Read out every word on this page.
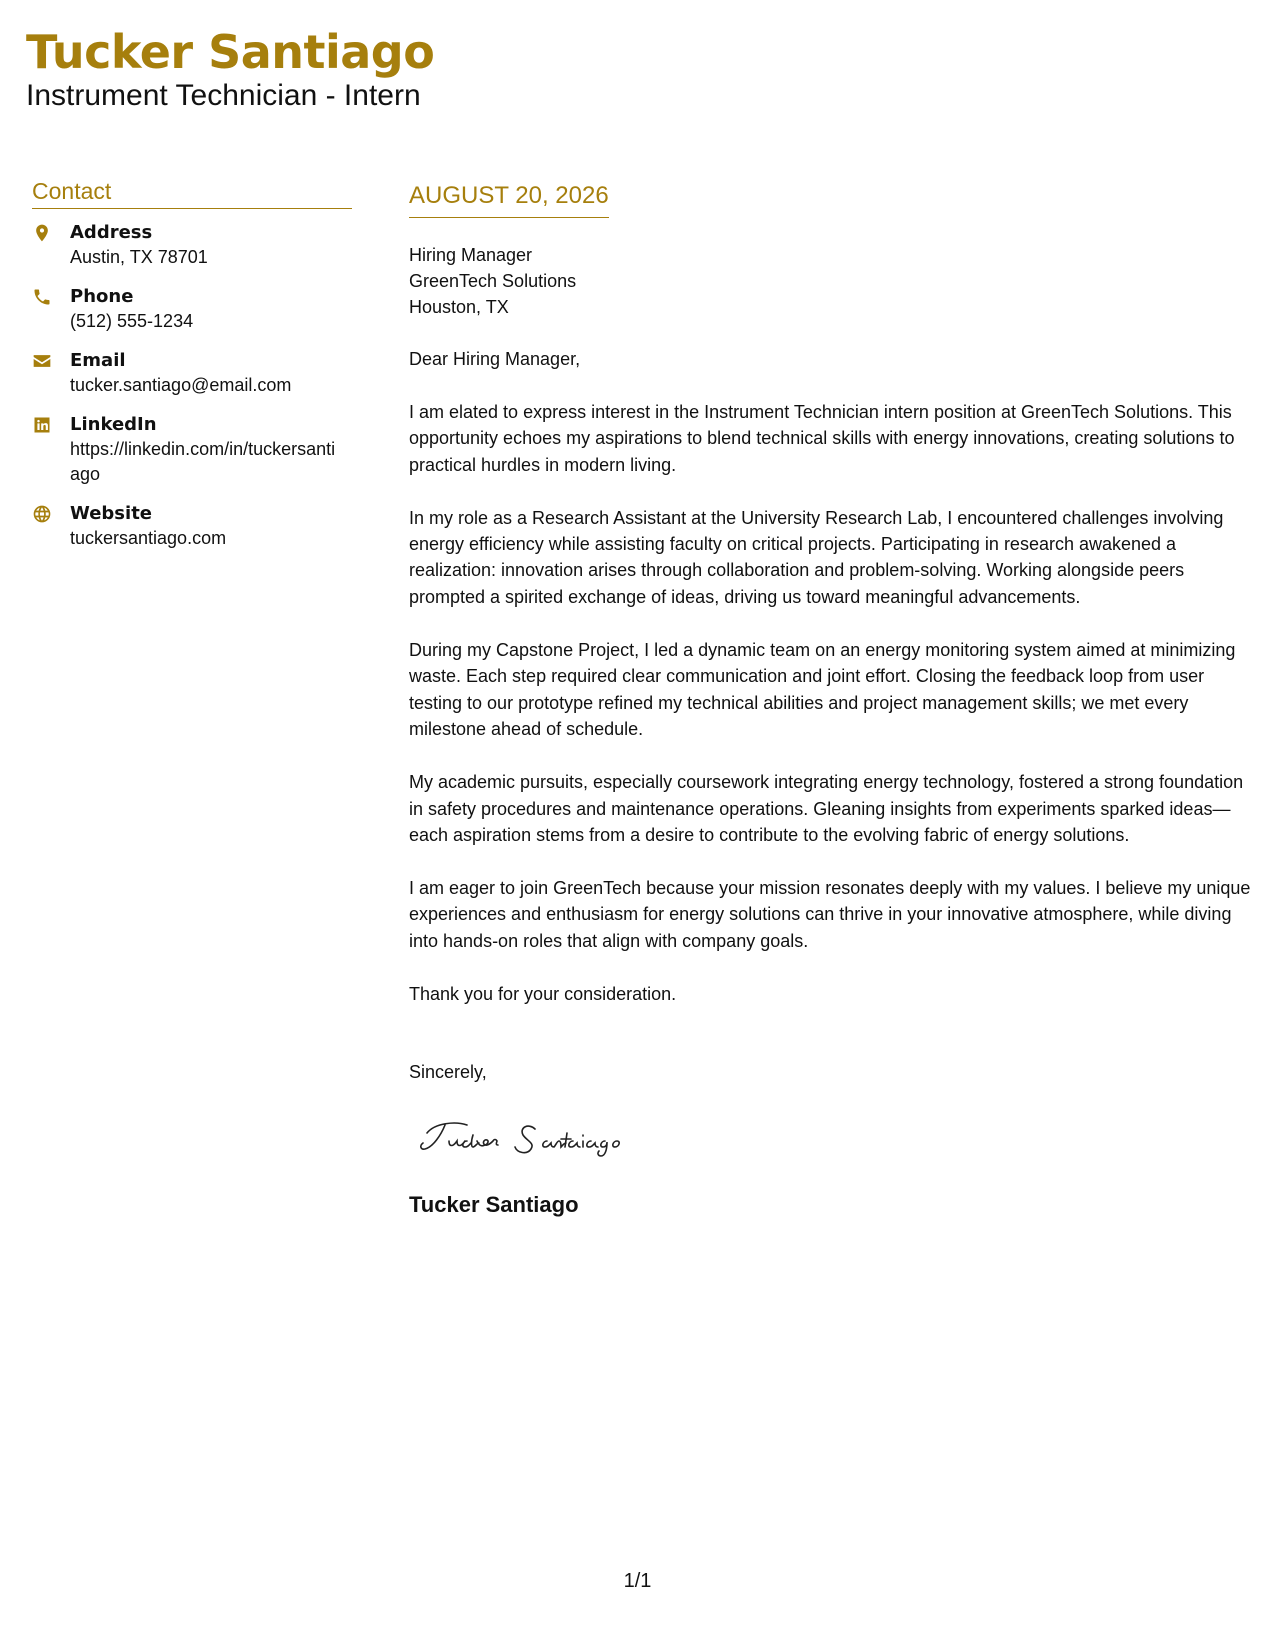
Tucker Santiago
Instrument Technician - Intern
Contact
Address
Austin, TX 78701
Phone
(512) 555-1234
Email
tucker.santiago@email.com
LinkedIn
https://linkedin.com/in/tuckersantiago
Website
tuckersantiago.com
AUGUST 20, 2026
Hiring Manager
GreenTech Solutions
Houston, TX
Dear Hiring Manager,
I am elated to express interest in the Instrument Technician intern position at GreenTech Solutions. This opportunity echoes my aspirations to blend technical skills with energy innovations, creating solutions to practical hurdles in modern living.
In my role as a Research Assistant at the University Research Lab, I encountered challenges involving energy efficiency while assisting faculty on critical projects. Participating in research awakened a realization: innovation arises through collaboration and problem-solving. Working alongside peers prompted a spirited exchange of ideas, driving us toward meaningful advancements.
During my Capstone Project, I led a dynamic team on an energy monitoring system aimed at minimizing waste. Each step required clear communication and joint effort. Closing the feedback loop from user testing to our prototype refined my technical abilities and project management skills; we met every milestone ahead of schedule.
My academic pursuits, especially coursework integrating energy technology, fostered a strong foundation in safety procedures and maintenance operations. Gleaning insights from experiments sparked ideas—each aspiration stems from a desire to contribute to the evolving fabric of energy solutions.
I am eager to join GreenTech because your mission resonates deeply with my values. I believe my unique experiences and enthusiasm for energy solutions can thrive in your innovative atmosphere, while diving into hands-on roles that align with company goals.
Thank you for your consideration.
Sincerely,
Tucker Santiago
1/1
